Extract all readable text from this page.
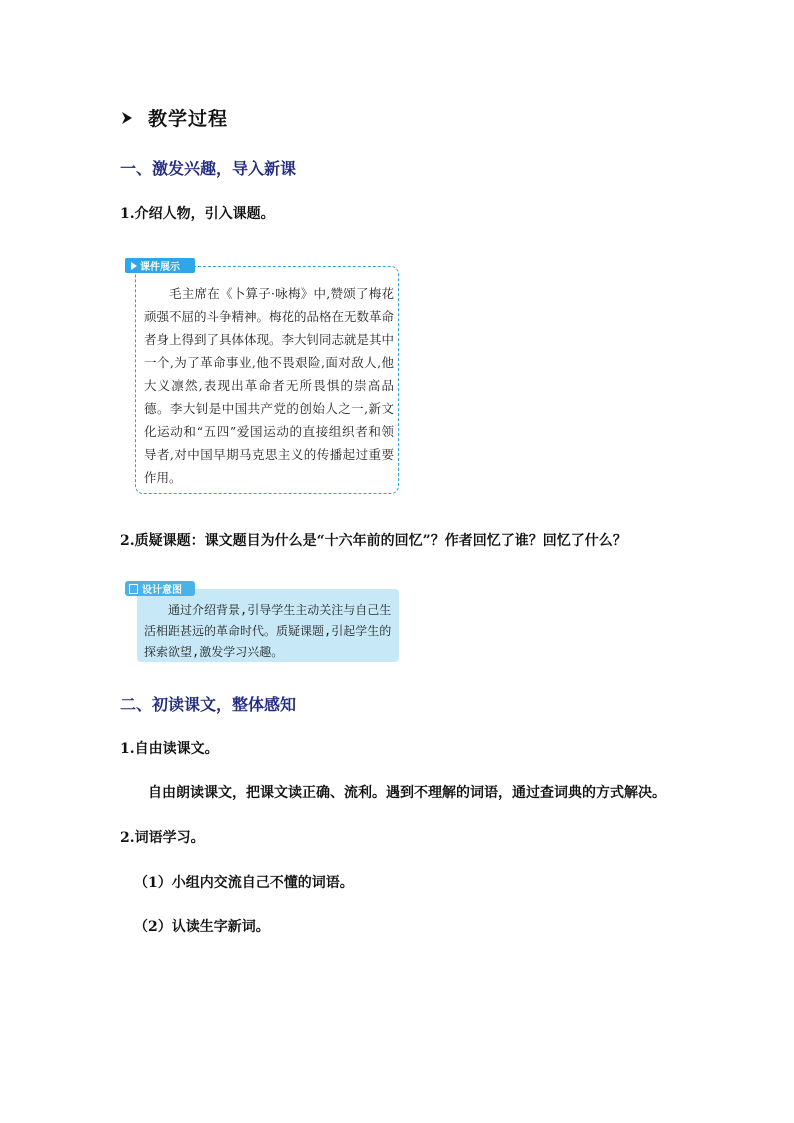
教学过程
一、激发兴趣，导入新课
1.介绍人物，引入课题。
课件展示
毛主席在《卜算子·咏梅》中,赞颂了梅花顽强不屈的斗争精神。梅花的品格在无数革命者身上得到了具体体现。李大钊同志就是其中一个,为了革命事业,他不畏艰险,面对敌人,他大义凛然,表现出革命者无所畏惧的崇高品德。李大钊是中国共产党的创始人之一,新文化运动和“五四”爱国运动的直接组织者和领导者,对中国早期马克思主义的传播起过重要作用。
2.质疑课题：课文题目为什么是“十六年前的回忆”？作者回忆了谁？回忆了什么？
设计意图
通过介绍背景,引导学生主动关注与自己生活相距甚远的革命时代。质疑课题,引起学生的探索欲望,激发学习兴趣。
二、初读课文，整体感知
1.自由读课文。
自由朗读课文，把课文读正确、流利。遇到不理解的词语，通过查词典的方式解决。
2.词语学习。
（1）小组内交流自己不懂的词语。
（2）认读生字新词。
